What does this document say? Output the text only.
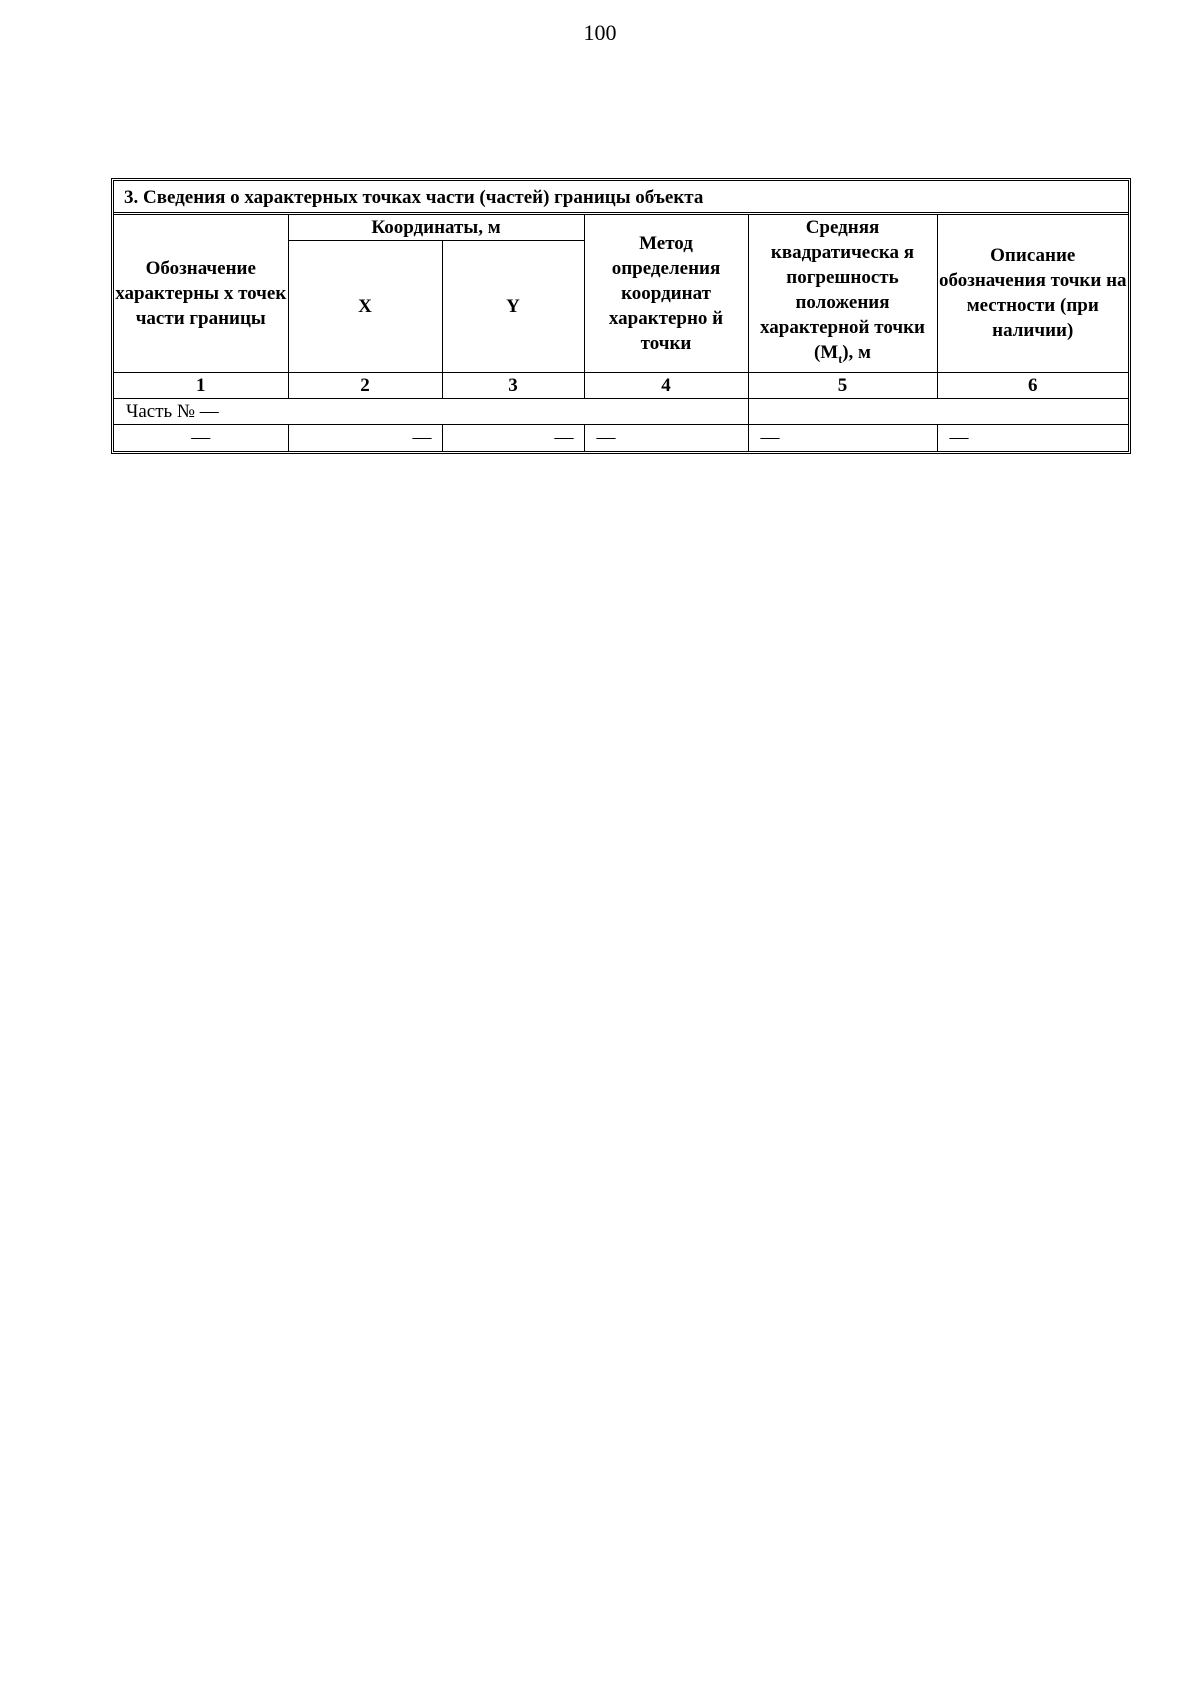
100
3. Сведения о характерных точках части (частей) границы объекта
Обозначение характерны х точек части границы	Координаты, м		Метод определения координат характерно й точки	Средняя квадратическа я погрешность положения характерной точки $(M_t)$, м	Описание обозначения точки на местности (при наличии)
	X	Y			
1	2	3	4	5	6
Часть № —					
—	—	—	—	—	—
